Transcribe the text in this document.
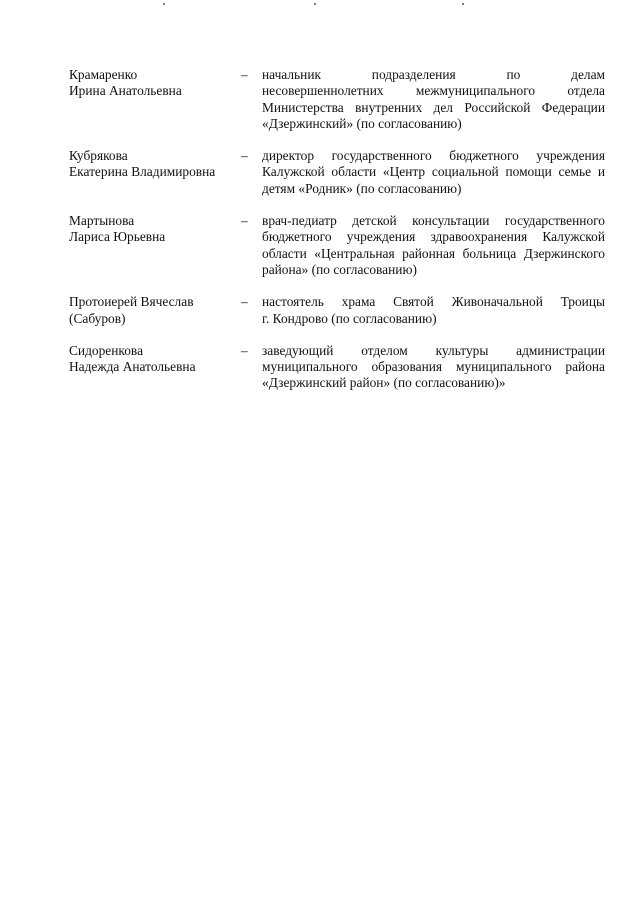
Крамаренко
Ирина Анатольевна
–	начальник подразделения по делам
несовершеннолетних межмуниципального отдела
Министерства внутренних дел Российской Федерации
«Дзержинский» (по согласованию)
Кубрякова
Екатерина Владимировна
–	директор государственного бюджетного учреждения
Калужской области «Центр социальной помощи семье и
детям «Родник» (по согласованию)
Мартынова
Лариса Юрьевна
–	врач-педиатр детской консультации государственного
бюджетного учреждения здравоохранения Калужской
области «Центральная районная больница Дзержинского
района» (по согласованию)
Протоиерей Вячеслав
(Сабуров)
–	настоятель храма Святой Живоначальной Троицы
г. Кондрово (по согласованию)
Сидоренкова
Надежда Анатольевна
–	заведующий отделом культуры администрации
муниципального образования муниципального района
«Дзержинский район» (по согласованию)»
